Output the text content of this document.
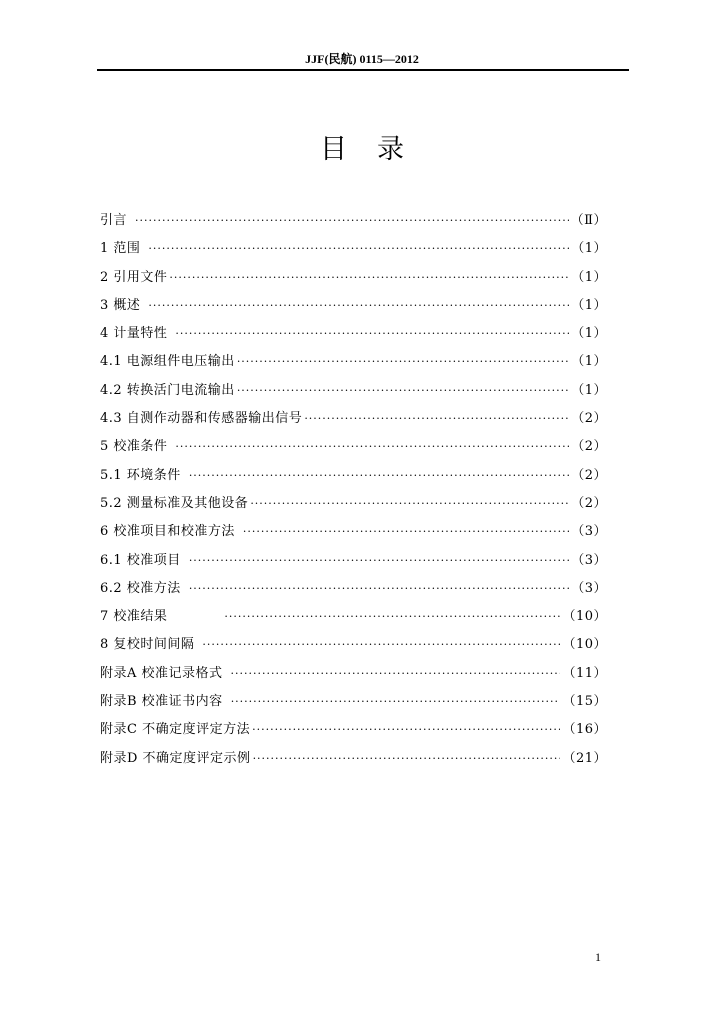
JJF(民航) 0115—2012
目录
引言 ·····	（Ⅱ）
1 范围 ·····	（1）
2 引用文件 ·····	（1）
3 概述 ·····	（1）
4 计量特性 ·····	（1）
4.1 电源组件电压输出 ·····	（1）
4.2 转换活门电流输出 ·····	（1）
4.3 自测作动器和传感器输出信号 ·····	（2）
5 校准条件 ·····	（2）
5.1 环境条件 ·····	（2）
5.2 测量标准及其他设备 ·····	（2）
6 校准项目和校准方法 ·····	（3）
6.1 校准项目 ·····	（3）
6.2 校准方法 ·····	（3）
7 校准结果 ·····	（10）
8 复校时间间隔 ·····	（10）
附录A 校准记录格式 ·····	（11）
附录B 校准证书内容 ·····	（15）
附录C 不确定度评定方法 ·····	（16）
附录D 不确定度评定示例 ·····	（21）
1
